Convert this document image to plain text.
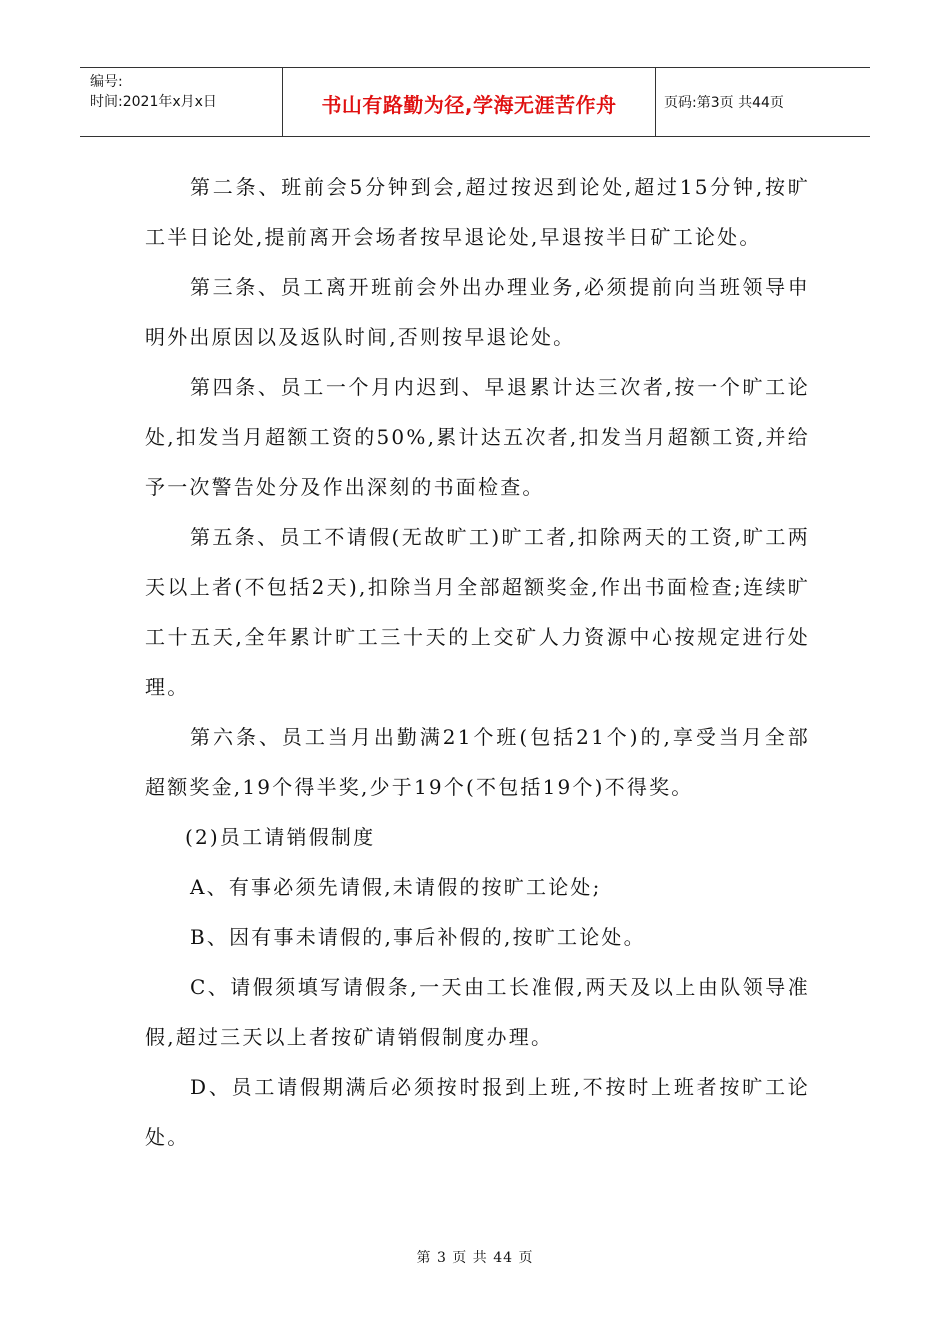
编号:
时间:2021年x月x日	书山有路勤为径,学海无涯苦作舟	页码:第3页 共44页

第二条、班前会5分钟到会,超过按迟到论处,超过15分钟,按旷工半日论处,提前离开会场者按早退论处,早退按半日矿工论处。

第三条、员工离开班前会外出办理业务,必须提前向当班领导申明外出原因以及返队时间,否则按早退论处。

第四条、员工一个月内迟到、早退累计达三次者,按一个旷工论处,扣发当月超额工资的50%,累计达五次者,扣发当月超额工资,并给予一次警告处分及作出深刻的书面检查。

第五条、员工不请假(无故旷工)旷工者,扣除两天的工资,旷工两天以上者(不包括2天),扣除当月全部超额奖金,作出书面检查;连续旷工十五天,全年累计旷工三十天的上交矿人力资源中心按规定进行处理。

第六条、员工当月出勤满21个班(包括21个)的,享受当月全部超额奖金,19个得半奖,少于19个(不包括19个)不得奖。

(2)员工请销假制度

A、有事必须先请假,未请假的按旷工论处;

B、因有事未请假的,事后补假的,按旷工论处。

C、请假须填写请假条,一天由工长准假,两天及以上由队领导准假,超过三天以上者按矿请销假制度办理。

D、员工请假期满后必须按时报到上班,不按时上班者按旷工论处。

第 3 页 共 44 页
